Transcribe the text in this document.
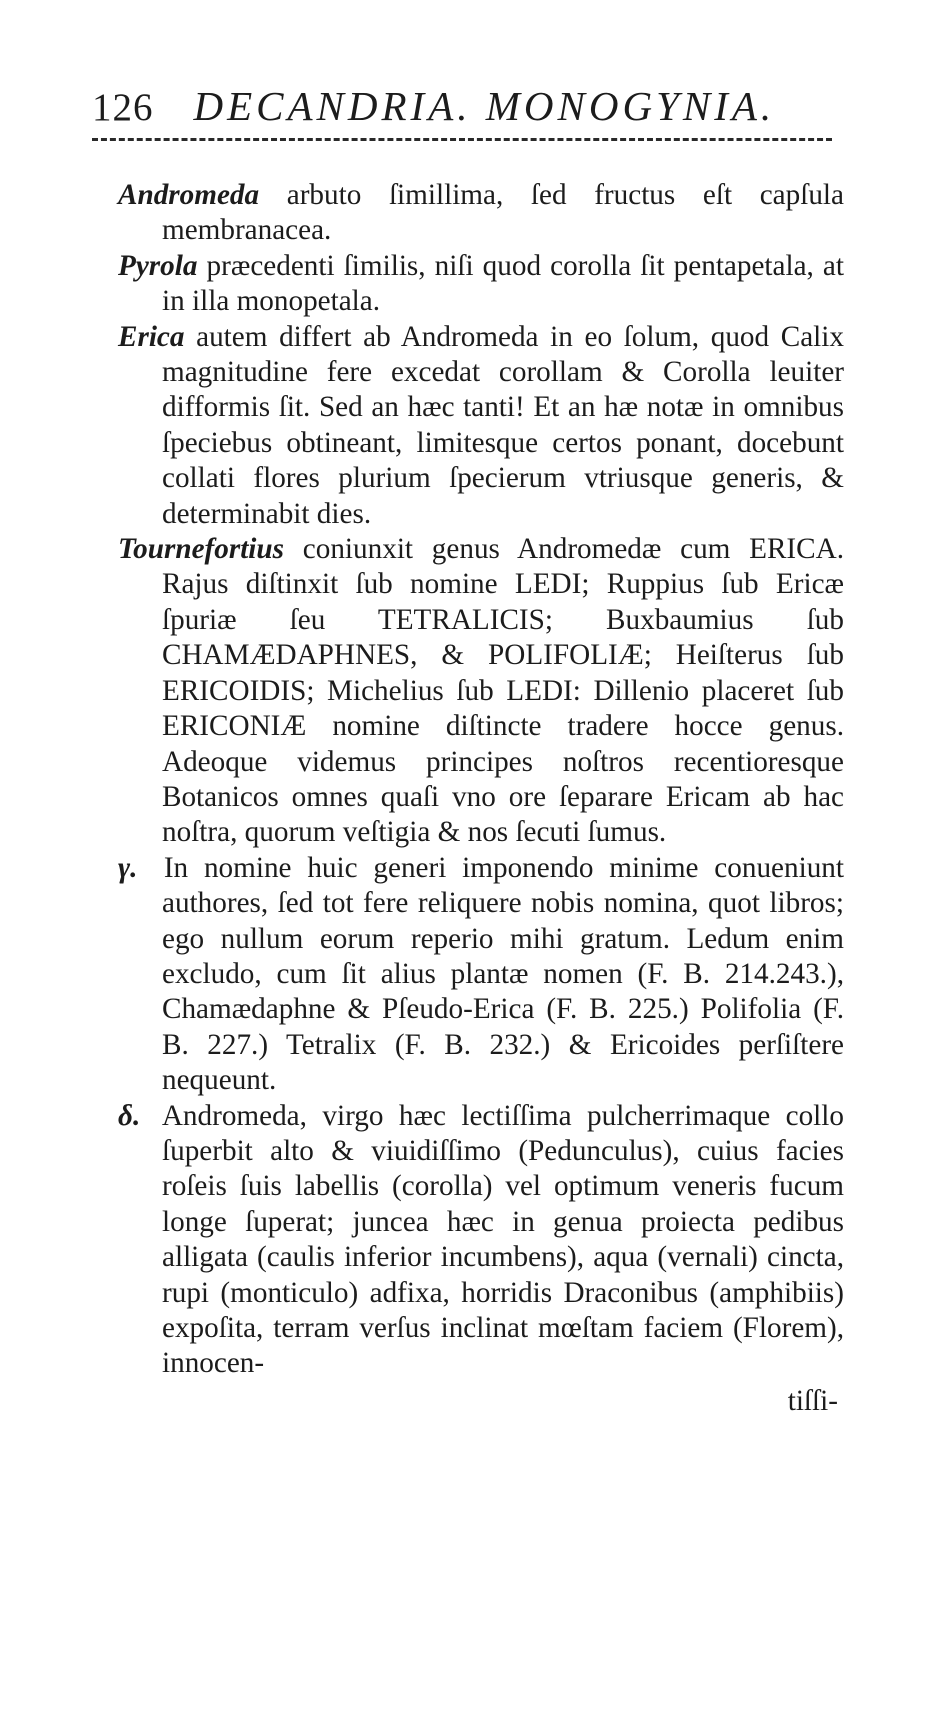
126 DECANDRIA. MONOGYNIA.

Andromeda arbuto ſimillima, ſed fructus eſt capſula membranacea.

Pyrola præcedenti ſimilis, niſi quod corolla ſit pentapetala, at in illa monopetala.

Erica autem differt ab Andromeda in eo ſolum, quod Calix magnitudine fere excedat corollam & Corolla leuiter difformis ſit. Sed an hæc tanti! Et an hæ notæ in omnibus ſpeciebus obtineant, limitesque certos ponant, docebunt collati flores plurium ſpecierum vtriusque generis, & determinabit dies.

Tournefortius coniunxit genus Andromedæ cum ERICA. Rajus diſtinxit ſub nomine LEDI; Ruppius ſub Ericæ ſpuriæ ſeu TETRALICIS; Buxbaumius ſub CHAMÆDAPHNES, & POLIFOLIÆ; Heiſterus ſub ERICOIDIS; Michelius ſub LEDI: Dillenio placeret ſub ERICONIÆ nomine diſtincte tradere hocce genus. Adeoque videmus principes noſtros recentioresque Botanicos omnes quaſi vno ore ſeparare Ericam ab hac noſtra, quorum veſtigia & nos ſecuti ſumus.

γ. In nomine huic generi imponendo minime conueniunt authores, ſed tot fere reliquere nobis nomina, quot libros; ego nullum eorum reperio mihi gratum. Ledum enim excludo, cum ſit alius plantæ nomen (F. B. 214.243.), Chamædaphne & Pſeudo-Erica (F. B. 225.) Polifolia (F. B. 227.) Tetralix (F. B. 232.) & Ericoides perſiſtere nequeunt.

δ. Andromeda, virgo hæc lectiſſima pulcherrimaque collo ſuperbit alto & viuidiſſimo (Pedunculus), cuius facies roſeis ſuis labellis (corolla) vel optimum veneris fucum longe ſuperat; juncea hæc in genua proiecta pedibus alligata (caulis inferior incumbens), aqua (vernali) cincta, rupi (monticulo) adfixa, horridis Draconibus (amphibiis) expoſita, terram verſus inclinat mœſtam faciem (Florem), innocen-
tiſſi-
